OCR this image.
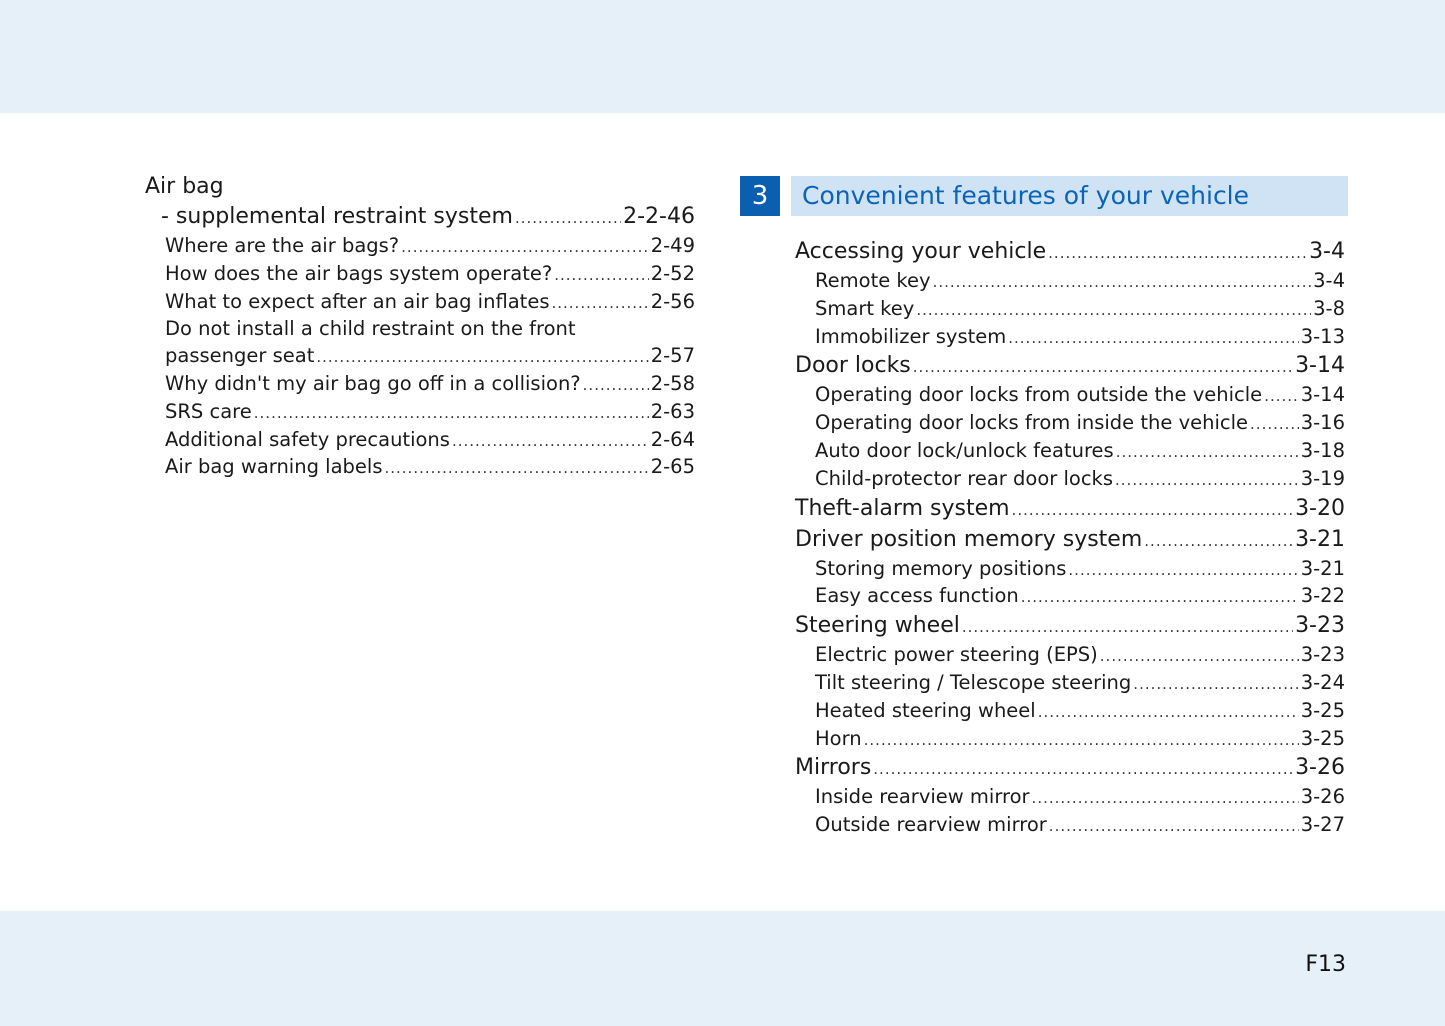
Air bag
- supplemental restraint system .....	2-2-46
Where are the air bags? .....	2-49
How does the air bags system operate? .....	2-52
What to expect after an air bag inflates .....	2-56
Do not install a child restraint on the front
passenger seat .....	2-57
Why didn't my air bag go off in a collision? .....	2-58
SRS care .....	2-63
Additional safety precautions .....	2-64
Air bag warning labels .....	2-65
3	Convenient features of your vehicle
Accessing your vehicle .....	3-4
Remote key .....	3-4
Smart key .....	3-8
Immobilizer system .....	3-13
Door locks .....	3-14
Operating door locks from outside the vehicle ..... 3-14
Operating door locks from inside the vehicle .....	3-16
Auto door lock/unlock features .....	3-18
Child-protector rear door locks .....	3-19
Theft-alarm system .....	3-20
Driver position memory system .....	3-21
Storing memory positions .....	3-21
Easy access function .....	3-22
Steering wheel .....	3-23
Electric power steering (EPS) .....	3-23
Tilt steering / Telescope steering .....	3-24
Heated steering wheel .....	3-25
Horn .....	3-25
Mirrors .....	3-26
Inside rearview mirror .....	3-26
Outside rearview mirror .....	3-27
F13
